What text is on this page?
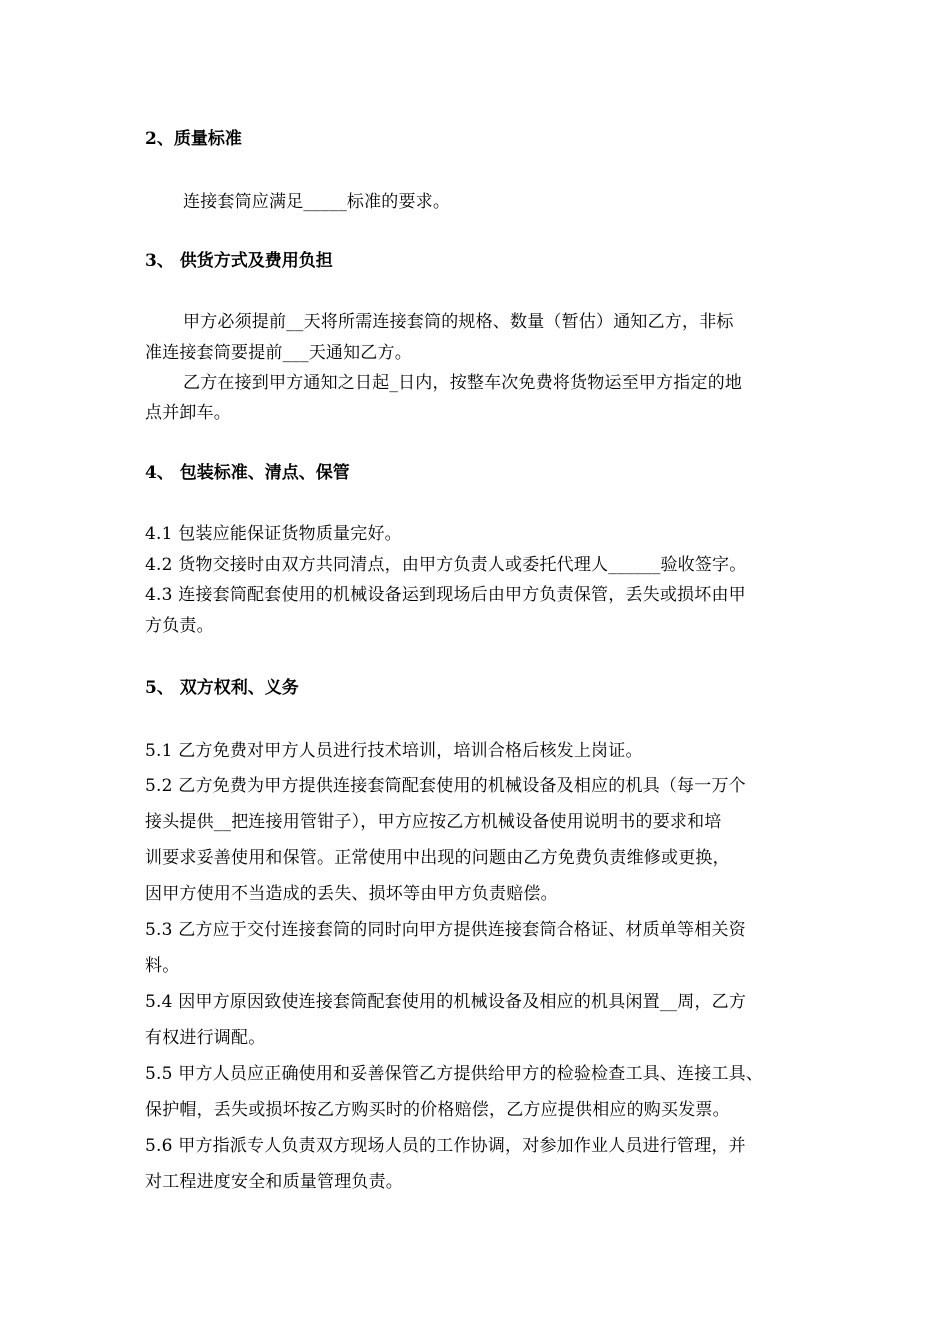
2、质量标准
连接套筒应满足_____标准的要求。
3、 供货方式及费用负担
甲方必须提前__天将所需连接套筒的规格、数量（暂估）通知乙方，非标
准连接套筒要提前___天通知乙方。
乙方在接到甲方通知之日起_日内，按整车次免费将货物运至甲方指定的地
点并卸车。
4、 包装标准、清点、保管
4.1 包装应能保证货物质量完好。
4.2 货物交接时由双方共同清点，由甲方负责人或委托代理人______验收签字。
4.3 连接套筒配套使用的机械设备运到现场后由甲方负责保管，丢失或损坏由甲
方负责。
5、 双方权利、义务
5.1 乙方免费对甲方人员进行技术培训，培训合格后核发上岗证。
5.2 乙方免费为甲方提供连接套筒配套使用的机械设备及相应的机具（每一万个
接头提供__把连接用管钳子），甲方应按乙方机械设备使用说明书的要求和培
训要求妥善使用和保管。正常使用中出现的问题由乙方免费负责维修或更换，
因甲方使用不当造成的丢失、损坏等由甲方负责赔偿。
5.3 乙方应于交付连接套筒的同时向甲方提供连接套筒合格证、材质单等相关资
料。
5.4 因甲方原因致使连接套筒配套使用的机械设备及相应的机具闲置__周，乙方
有权进行调配。
5.5 甲方人员应正确使用和妥善保管乙方提供给甲方的检验检查工具、连接工具、
保护帽，丢失或损坏按乙方购买时的价格赔偿，乙方应提供相应的购买发票。
5.6 甲方指派专人负责双方现场人员的工作协调，对参加作业人员进行管理，并
对工程进度安全和质量管理负责。
